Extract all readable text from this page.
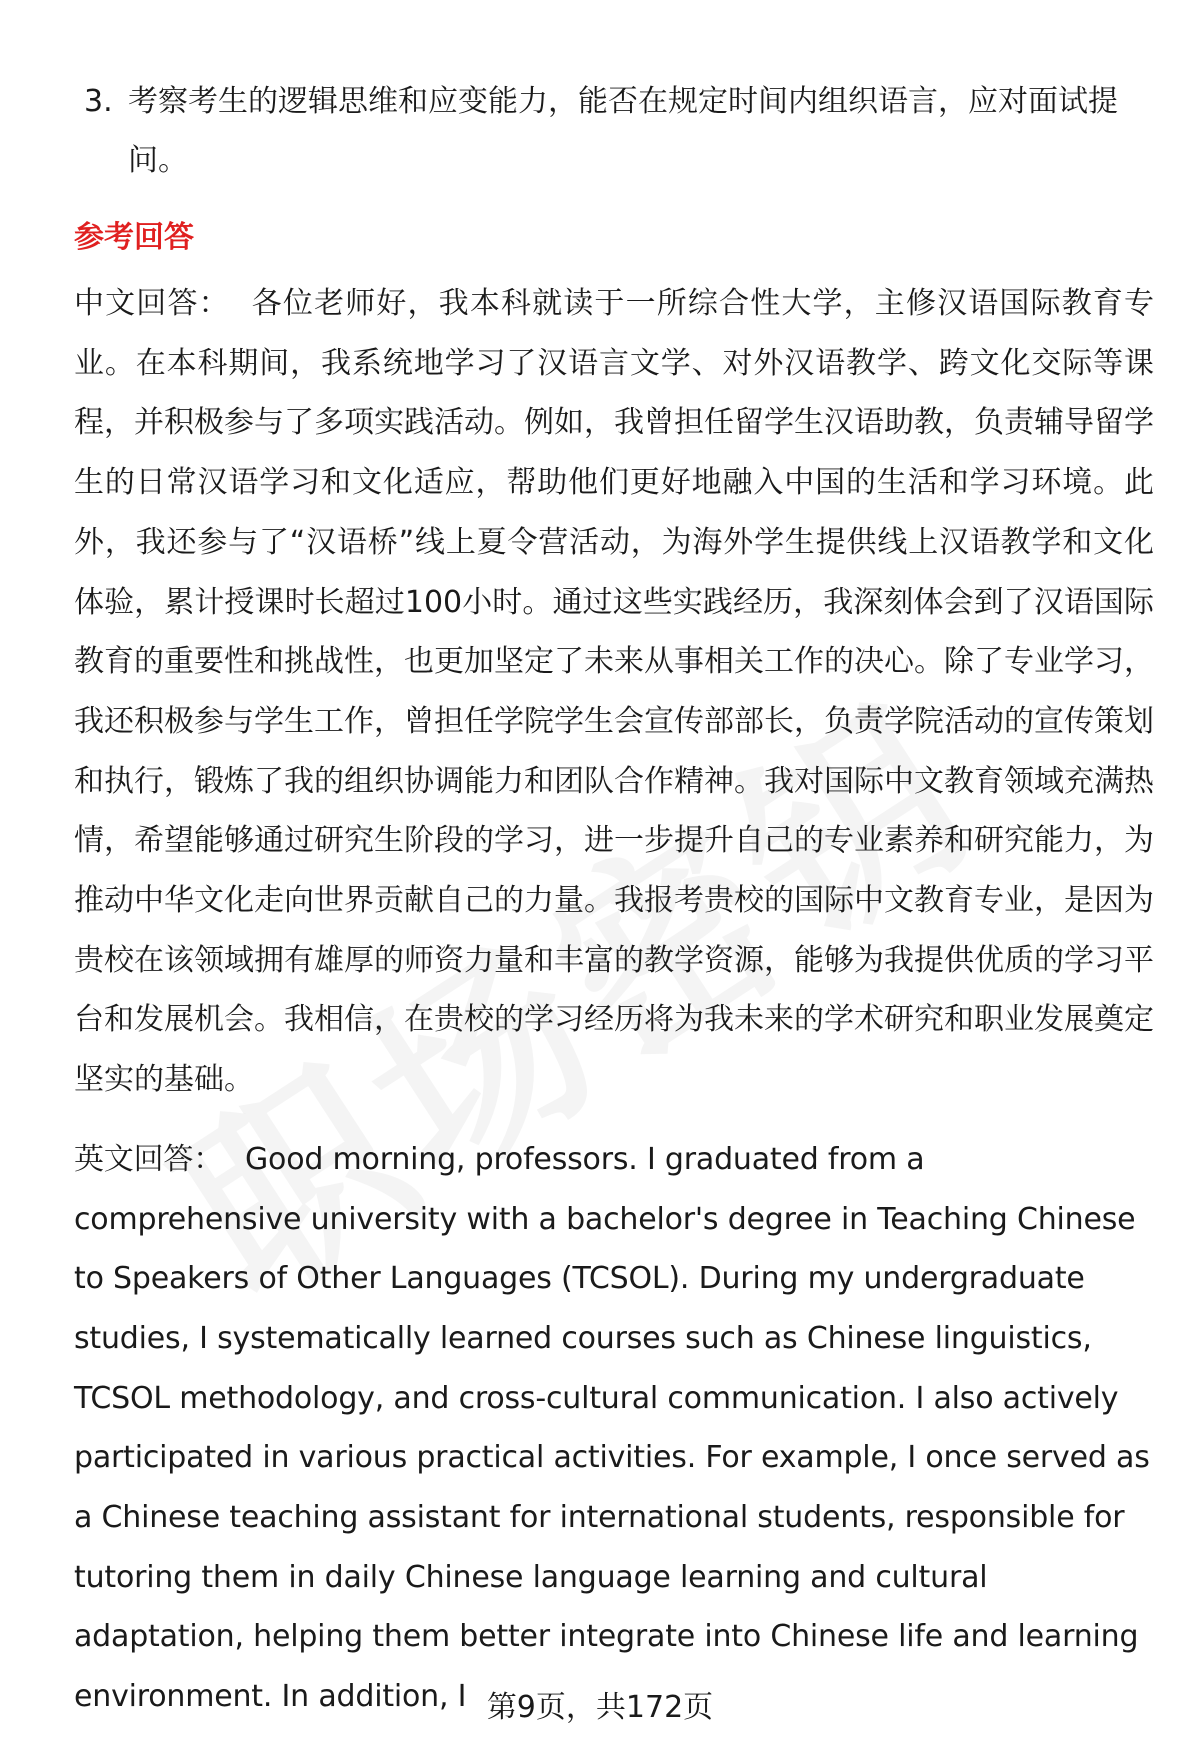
3. 考察考生的逻辑思维和应变能力，能否在规定时间内组织语言，应对面试提问。
参考回答
中文回答： 各位老师好，我本科就读于一所综合性大学，主修汉语国际教育专业。在本科期间，我系统地学习了汉语言文学、对外汉语教学、跨文化交际等课程，并积极参与了多项实践活动。例如，我曾担任留学生汉语助教，负责辅导留学生的日常汉语学习和文化适应，帮助他们更好地融入中国的生活和学习环境。此外，我还参与了“汉语桥”线上夏令营活动，为海外学生提供线上汉语教学和文化体验，累计授课时长超过100小时。通过这些实践经历，我深刻体会到了汉语国际教育的重要性和挑战性，也更加坚定了未来从事相关工作的决心。除了专业学习，我还积极参与学生工作，曾担任学院学生会宣传部部长，负责学院活动的宣传策划和执行，锻炼了我的组织协调能力和团队合作精神。我对国际中文教育领域充满热情，希望能够通过研究生阶段的学习，进一步提升自己的专业素养和研究能力，为推动中华文化走向世界贡献自己的力量。我报考贵校的国际中文教育专业，是因为贵校在该领域拥有雄厚的师资力量和丰富的教学资源，能够为我提供优质的学习平台和发展机会。我相信，在贵校的学习经历将为我未来的学术研究和职业发展奠定坚实的基础。
英文回答： Good morning, professors. I graduated from a comprehensive university with a bachelor's degree in Teaching Chinese to Speakers of Other Languages (TCSOL). During my undergraduate studies, I systematically learned courses such as Chinese linguistics, TCSOL methodology, and cross-cultural communication. I also actively participated in various practical activities. For example, I once served as a Chinese teaching assistant for international students, responsible for tutoring them in daily Chinese language learning and cultural adaptation, helping them better integrate into Chinese life and learning environment. In addition, I 第9页，共172页
